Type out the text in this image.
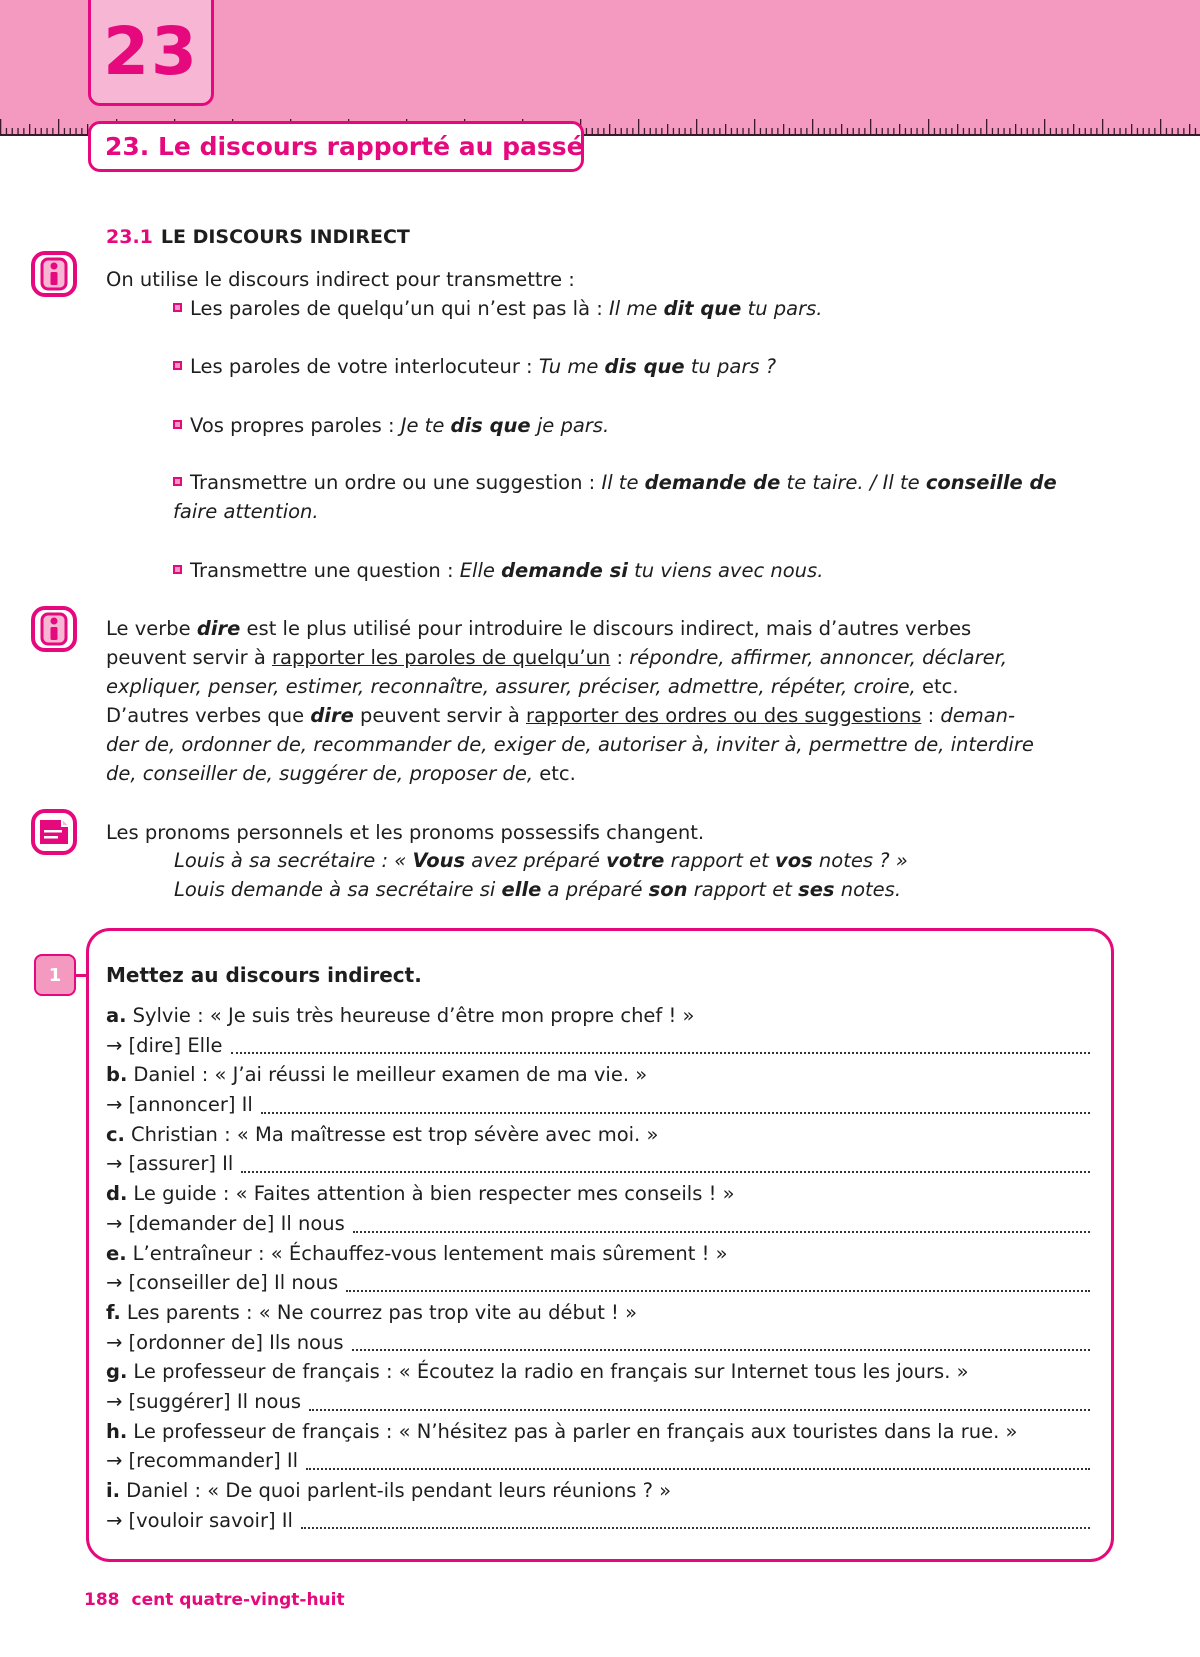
23
23. Le discours rapporté au passé
23.1 LE DISCOURS INDIRECT
On utilise le discours indirect pour transmettre :
Les paroles de quelqu’un qui n’est pas là : Il me dit que tu pars.
Les paroles de votre interlocuteur : Tu me dis que tu pars ?
Vos propres paroles : Je te dis que je pars.
Transmettre un ordre ou une suggestion : Il te demande de te taire. / Il te conseille de
faire attention.
Transmettre une question : Elle demande si tu viens avec nous.
Le verbe dire est le plus utilisé pour introduire le discours indirect, mais d’autres verbes
peuvent servir à rapporter les paroles de quelqu’un : répondre, affirmer, annoncer, déclarer,
expliquer, penser, estimer, reconnaître, assurer, préciser, admettre, répéter, croire, etc.
D’autres verbes que dire peuvent servir à rapporter des ordres ou des suggestions : deman-
der de, ordonner de, recommander de, exiger de, autoriser à, inviter à, permettre de, interdire
de, conseiller de, suggérer de, proposer de, etc.
Les pronoms personnels et les pronoms possessifs changent.
Louis à sa secrétaire : « Vous avez préparé votre rapport et vos notes ? »
Louis demande à sa secrétaire si elle a préparé son rapport et ses notes.
1	Mettez au discours indirect.
a. Sylvie : « Je suis très heureuse d’être mon propre chef ! »
→ [dire] Elle
b. Daniel : « J’ai réussi le meilleur examen de ma vie. »
→ [annoncer] Il
c. Christian : « Ma maîtresse est trop sévère avec moi. »
→ [assurer] Il
d. Le guide : « Faites attention à bien respecter mes conseils ! »
→ [demander de] Il nous
e. L’entraîneur : « Échauffez-vous lentement mais sûrement ! »
→ [conseiller de] Il nous
f. Les parents : « Ne courrez pas trop vite au début ! »
→ [ordonner de] Ils nous
g. Le professeur de français : « Écoutez la radio en français sur Internet tous les jours. »
→ [suggérer] Il nous
h. Le professeur de français : « N’hésitez pas à parler en français aux touristes dans la rue. »
→ [recommander] Il
i. Daniel : « De quoi parlent-ils pendant leurs réunions ? »
→ [vouloir savoir] Il
188 cent quatre-vingt-huit
